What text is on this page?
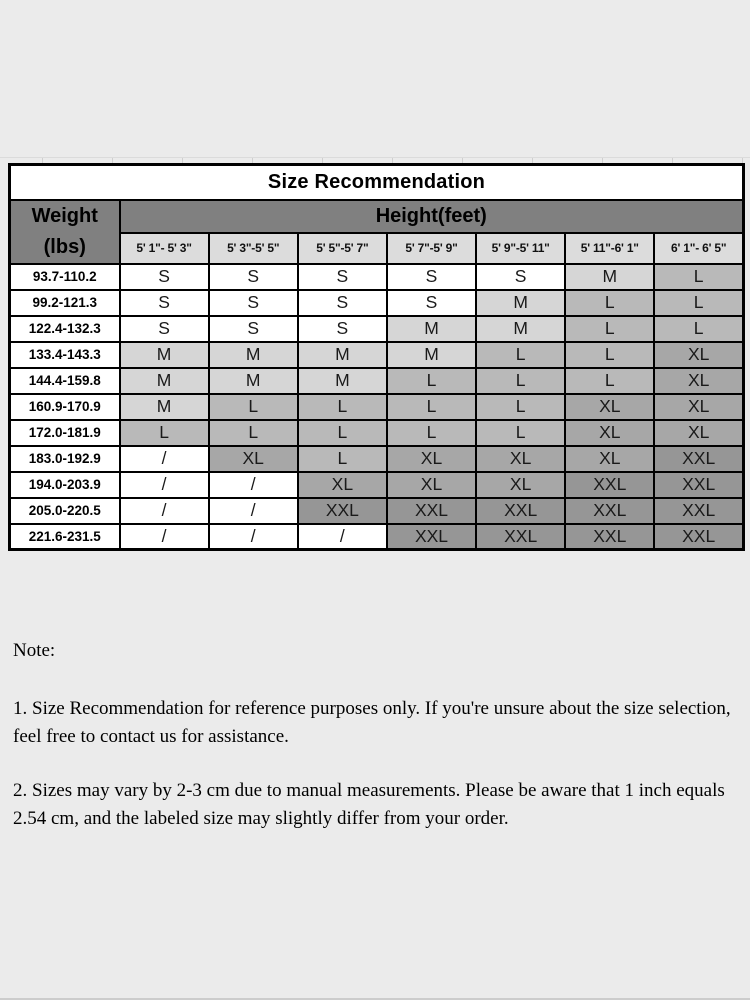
Size Recommendation							

Weight
(lbs)	Height(feet)						
	5' 1"- 5' 3"	5' 3"-5' 5"	5' 5"-5' 7"	5' 7"-5' 9"	5' 9"-5' 11"	5' 11"-6' 1"	6' 1"- 6' 5"
93.7-110.2	S	S	S	S	S	M	L
99.2-121.3	S	S	S	S	M	L	L
122.4-132.3	S	S	S	M	M	L	L
133.4-143.3	M	M	M	M	L	L	XL
144.4-159.8	M	M	M	L	L	L	XL
160.9-170.9	M	L	L	L	L	XL	XL
172.0-181.9	L	L	L	L	L	XL	XL
183.0-192.9	/	XL	L	XL	XL	XL	XXL
194.0-203.9	/	/	XL	XL	XL	XXL	XXL
205.0-220.5	/	/	XXL	XXL	XXL	XXL	XXL
221.6-231.5	/	/	/	XXL	XXL	XXL	XXL

Note:

1. Size Recommendation for reference purposes only. If you're unsure about the size selection, feel free to contact us for assistance.

2. Sizes may vary by 2-3 cm due to manual measurements. Please be aware that 1 inch equals 2.54 cm, and the labeled size may slightly differ from your order.
